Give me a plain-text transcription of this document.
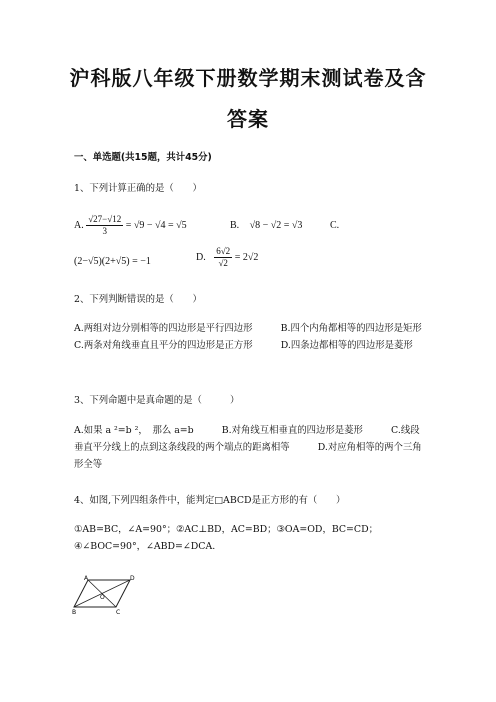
沪科版八年级下册数学期末测试卷及含
答案
一、单选题(共15题，共计45分)
1、下列计算正确的是（　　）
A. $\frac{√27-√12}{3} = √9 - √4 = √5$	B. √8 − √2 = √3	C.
(2−√5)(2+√5) = −1	D. $\frac{6√2}{√2} = 2√2$
2、下列判断错误的是（　　）
A.两组对边分别相等的四边形是平行四边形　　　B.四个内角都相等的四边形是矩形　　C.两条对角线垂直且平分的四边形是正方形　　　D.四条边都相等的四边形是菱形
3、下列命题中是真命题的是（　　　）
A.如果 a ²=b ²，　那么 a=b　　　B.对角线互相垂直的四边形是菱形　　　C.线段垂直平分线上的点到这条线段的两个端点的距离相等　　　D.对应角相等的两个三角形全等
4、如图,下列四组条件中，能判定□ABCD是正方形的有（　　）
①AB=BC，∠A=90°；②AC⊥BD，AC=BD；③OA=OD，BC=CD；④∠BOC=90°，∠ABD=∠DCA.
A	D
B	C
O
